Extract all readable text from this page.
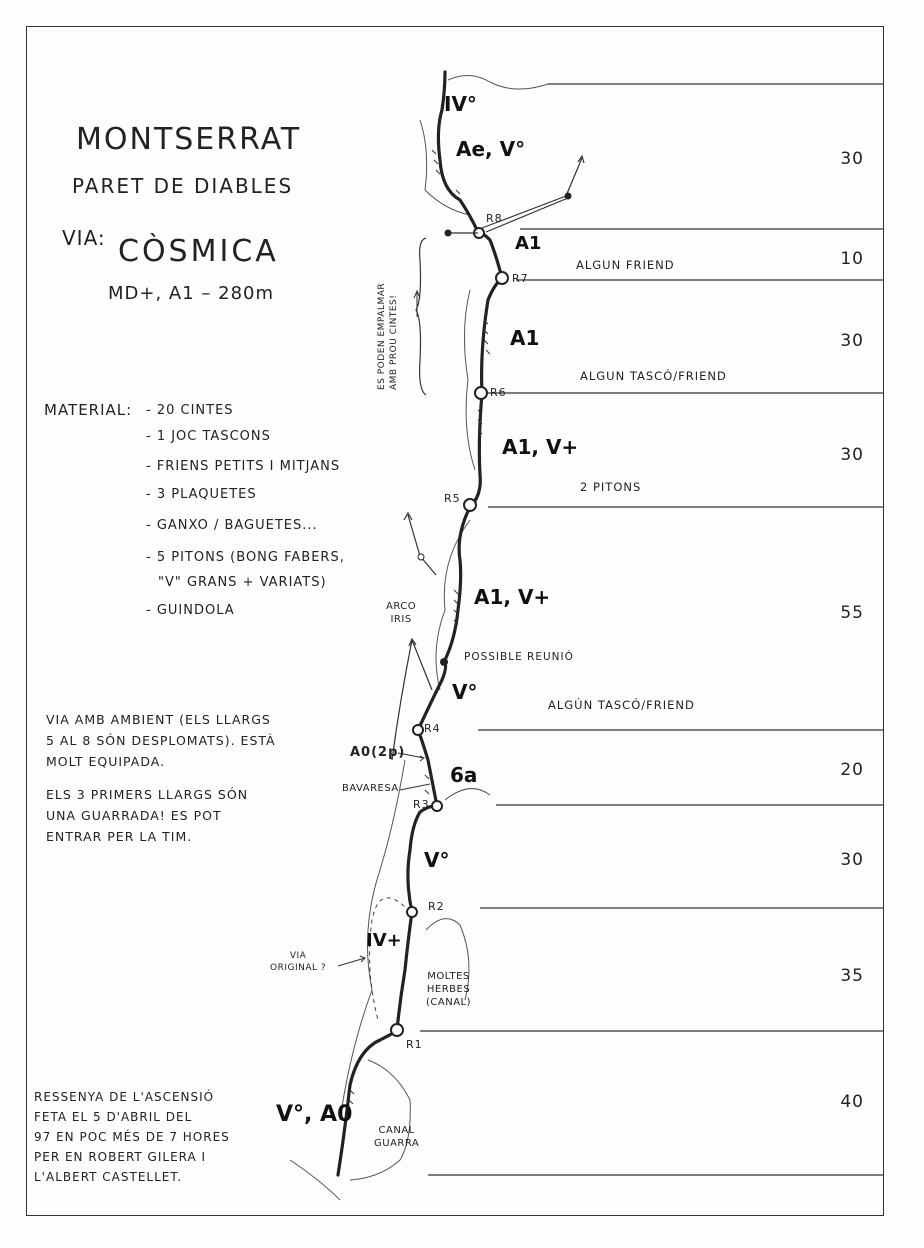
MONTSERRAT
PARET DE DIABLES
VIA: CÒSMICA
MD+, A1 – 280m
MATERIAL: - 20 CINTES
- 1 JOC TASCONS
- FRIENS PETITS I MITJANS
- 3 PLAQUETES
- GANXO / BAGUETES...
- 5 PITONS (BONG FABERS,
"V" GRANS + VARIATS)
- GUINDOLA
VIA AMB AMBIENT (ELS LLARGS
5 AL 8 SÓN DESPLOMATS). ESTÀ
MOLT EQUIPADA.
ELS 3 PRIMERS LLARGS SÓN
UNA GUARRADA! ES POT
ENTRAR PER LA TIM.
RESSENYA DE L'ASCENSIÓ
FETA EL 5 D'ABRIL DEL
97 EN POC MÉS DE 7 HORES
PER EN ROBERT GILERA I
L'ALBERT CASTELLET.
IV°
Ae, V°
A1
A1
A1, V+
A1, V+
V°
6a
V°
IV+
V°, A0
30
10
30
30
55
20
30
35
40
ALGUN FRIEND
ALGUN TASCÓ/FRIEND
2 PITONS
ALGÚN TASCÓ/FRIEND
R1
R2
R3
R4
R5
R6
R7
R8
POSSIBLE REUNIÓ
A0(2p)
BAVARESA
ARCO
IRIS
VIA
ORIGINAL ?
MOLTES
HERBES
(CANAL)
CANAL
GUARRA
ES PODEN EMPALMAR AMB PROU CINTES!
